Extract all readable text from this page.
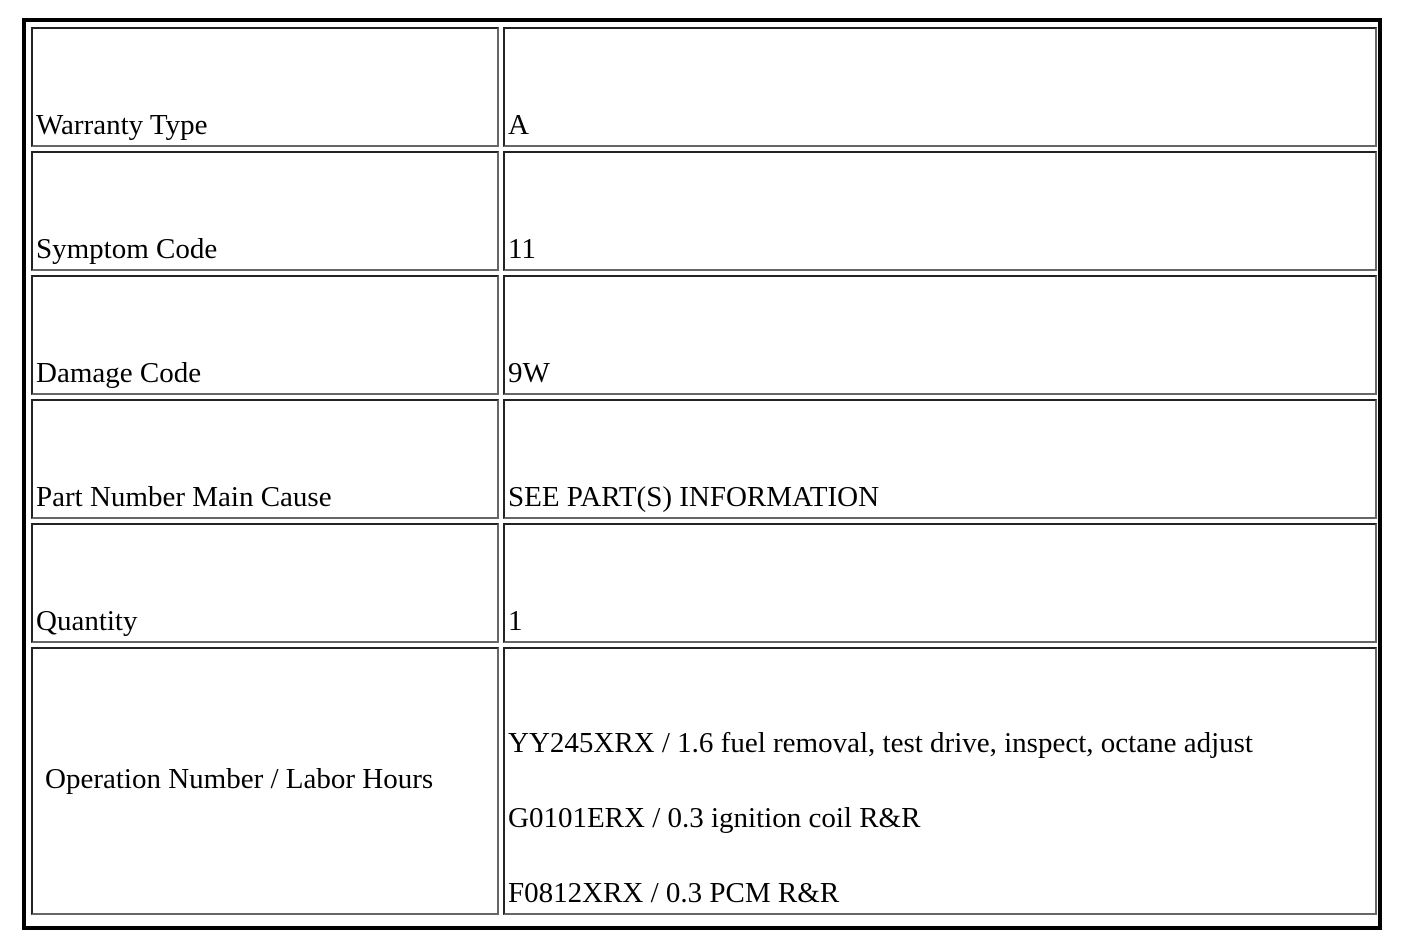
Warranty Type	A
Symptom Code	11
Damage Code	9W
Part Number Main Cause	SEE PART(S) INFORMATION
Quantity	1
Operation Number / Labor Hours	YY245XRX / 1.6 fuel removal, test drive, inspect, octane adjust
G0101ERX / 0.3 ignition coil R&R
F0812XRX / 0.3 PCM R&R
